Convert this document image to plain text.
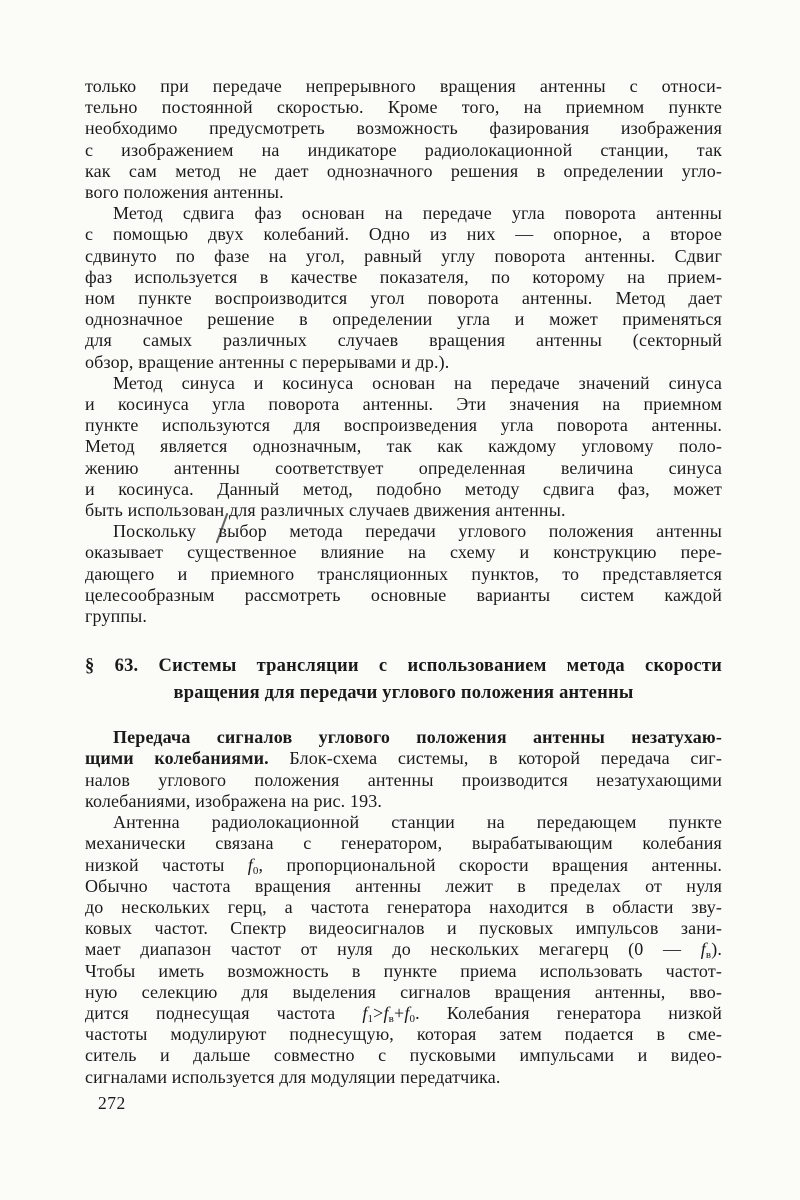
только при передаче непрерывного вращения антенны с относи-
тельно постоянной скоростью. Кроме того, на приемном пункте
необходимо предусмотреть возможность фазирования изображения
с изображением на индикаторе радиолокационной станции, так
как сам метод не дает однозначного решения в определении угло-
вого положения антенны.
Метод сдвига фаз основан на передаче угла поворота антенны
с помощью двух колебаний. Одно из них — опорное, а второе
сдвинуто по фазе на угол, равный углу поворота антенны. Сдвиг
фаз используется в качестве показателя, по которому на прием-
ном пункте воспроизводится угол поворота антенны. Метод дает
однозначное решение в определении угла и может применяться
для самых различных случаев вращения антенны (секторный
обзор, вращение антенны с перерывами и др.).
Метод синуса и косинуса основан на передаче значений синуса
и косинуса угла поворота антенны. Эти значения на приемном
пункте используются для воспроизведения угла поворота антенны.
Метод является однозначным, так как каждому угловому поло-
жению антенны соответствует определенная величина синуса
и косинуса. Данный метод, подобно методу сдвига фаз, может
быть использован для различных случаев движения антенны.
Поскольку выбор метода передачи углового положения антенны
оказывает существенное влияние на схему и конструкцию пере-
дающего и приемного трансляционных пунктов, то представляется
целесообразным рассмотреть основные варианты систем каждой
группы.
§ 63. Системы трансляции с использованием метода скорости
вращения для передачи углового положения антенны
Передача сигналов углового положения антенны незатухаю-
щими колебаниями. Блок-схема системы, в которой передача сиг-
налов углового положения антенны производится незатухающими
колебаниями, изображена на рис. 193.
Антенна радиолокационной станции на передающем пункте
механически связана с генератором, вырабатывающим колебания
низкой частоты $f_0$, пропорциональной скорости вращения антенны.
Обычно частота вращения антенны лежит в пределах от нуля
до нескольких герц, а частота генератора находится в области зву-
ковых частот. Спектр видеосигналов и пусковых импульсов зани-
мает диапазон частот от нуля до нескольких мегагерц (0 — $f_в$).
Чтобы иметь возможность в пункте приема использовать частот-
ную селекцию для выделения сигналов вращения антенны, вво-
дится поднесущая частота $f_1>f_в+f_0$. Колебания генератора низкой
частоты модулируют поднесущую, которая затем подается в сме-
ситель и дальше совместно с пусковыми импульсами и видео-
сигналами используется для модуляции передатчика.
272
